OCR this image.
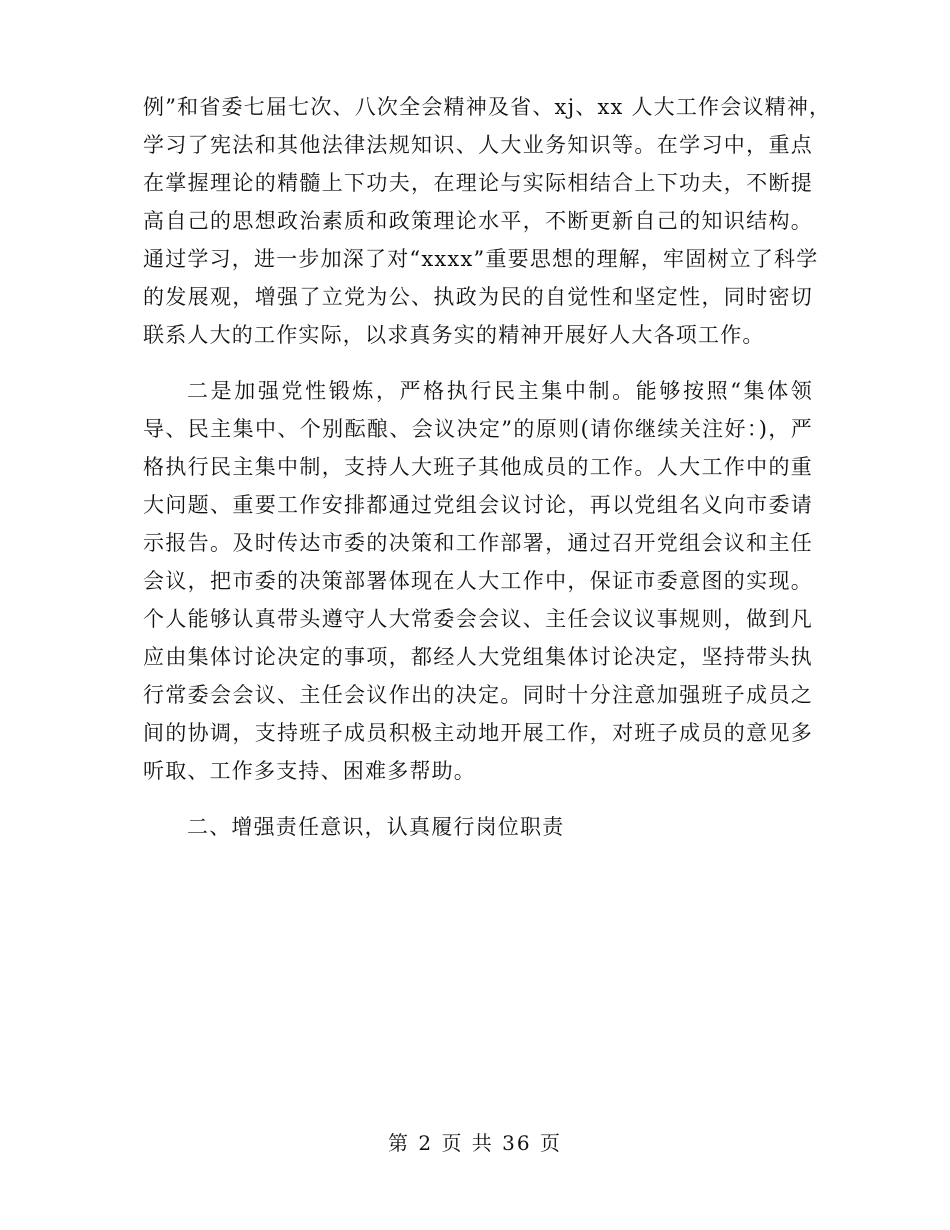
例”和省委七届七次、八次全会精神及省、xj、xx 人大工作会议精神，
学习了宪法和其他法律法规知识、人大业务知识等。在学习中，重点
在掌握理论的精髓上下功夫，在理论与实际相结合上下功夫，不断提
高自己的思想政治素质和政策理论水平，不断更新自己的知识结构。
通过学习，进一步加深了对“xxxx”重要思想的理解，牢固树立了科学
的发展观，增强了立党为公、执政为民的自觉性和坚定性，同时密切
联系人大的工作实际，以求真务实的精神开展好人大各项工作。
二是加强党性锻炼，严格执行民主集中制。能够按照“集体领
导、民主集中、个别酝酿、会议决定”的原则(请你继续关注好：)，严
格执行民主集中制，支持人大班子其他成员的工作。人大工作中的重
大问题、重要工作安排都通过党组会议讨论，再以党组名义向市委请
示报告。及时传达市委的决策和工作部署，通过召开党组会议和主任
会议，把市委的决策部署体现在人大工作中，保证市委意图的实现。
个人能够认真带头遵守人大常委会会议、主任会议议事规则，做到凡
应由集体讨论决定的事项，都经人大党组集体讨论决定，坚持带头执
行常委会会议、主任会议作出的决定。同时十分注意加强班子成员之
间的协调，支持班子成员积极主动地开展工作，对班子成员的意见多
听取、工作多支持、困难多帮助。
二、增强责任意识，认真履行岗位职责
第 2 页 共 36 页
